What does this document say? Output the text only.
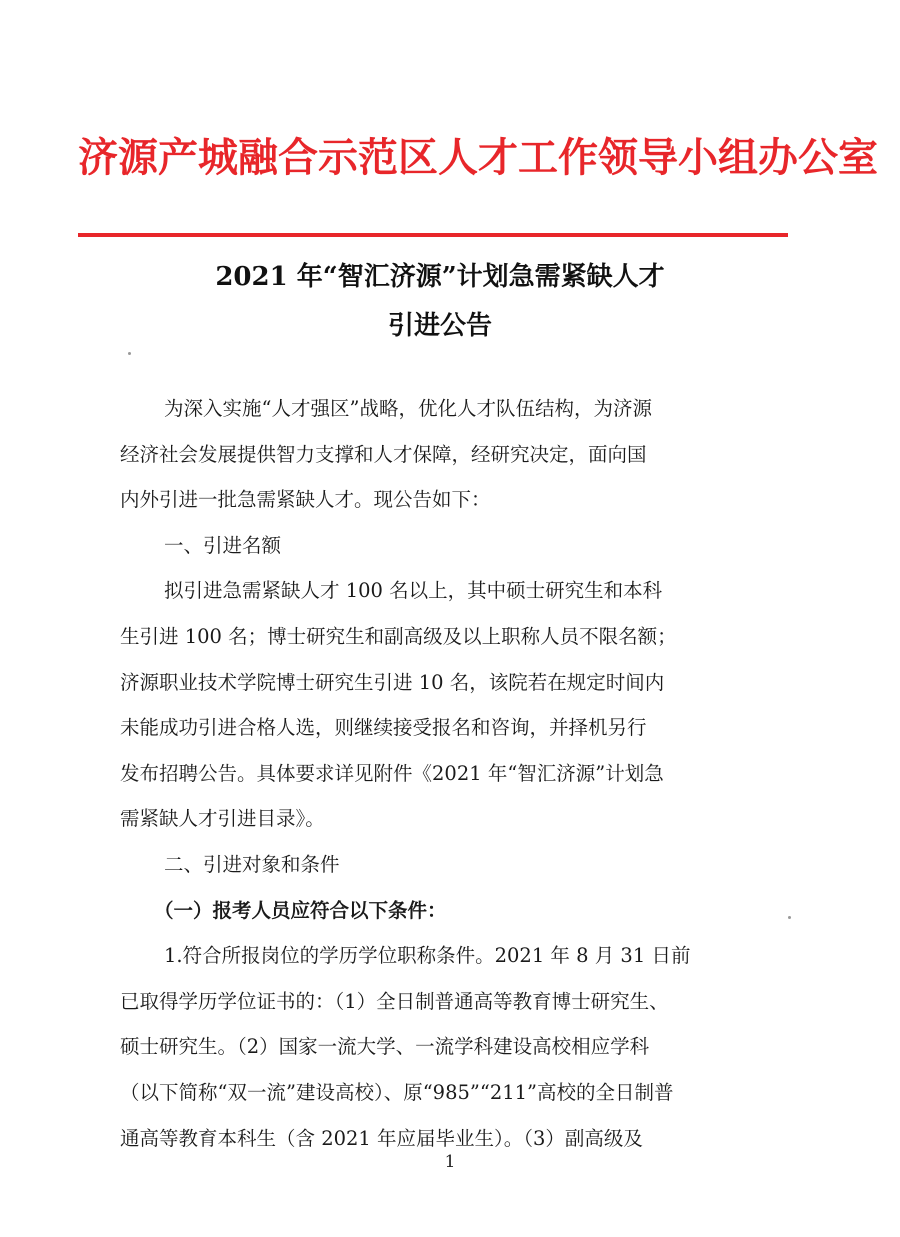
济源产城融合示范区人才工作领导小组办公室
2021 年“智汇济源”计划急需紧缺人才
引进公告
为深入实施“人才强区”战略，优化人才队伍结构，为济源
经济社会发展提供智力支撑和人才保障，经研究决定，面向国
内外引进一批急需紧缺人才。现公告如下：
一、引进名额
拟引进急需紧缺人才 100 名以上，其中硕士研究生和本科
生引进 100 名；博士研究生和副高级及以上职称人员不限名额；
济源职业技术学院博士研究生引进 10 名，该院若在规定时间内
未能成功引进合格人选，则继续接受报名和咨询，并择机另行
发布招聘公告。具体要求详见附件《2021 年“智汇济源”计划急
需紧缺人才引进目录》。
二、引进对象和条件
（一）报考人员应符合以下条件：
1.符合所报岗位的学历学位职称条件。2021 年 8 月 31 日前
已取得学历学位证书的：（1）全日制普通高等教育博士研究生、
硕士研究生。（2）国家一流大学、一流学科建设高校相应学科
（以下简称“双一流”建设高校）、原“985”“211”高校的全日制普
通高等教育本科生（含 2021 年应届毕业生）。（3）副高级及
1
